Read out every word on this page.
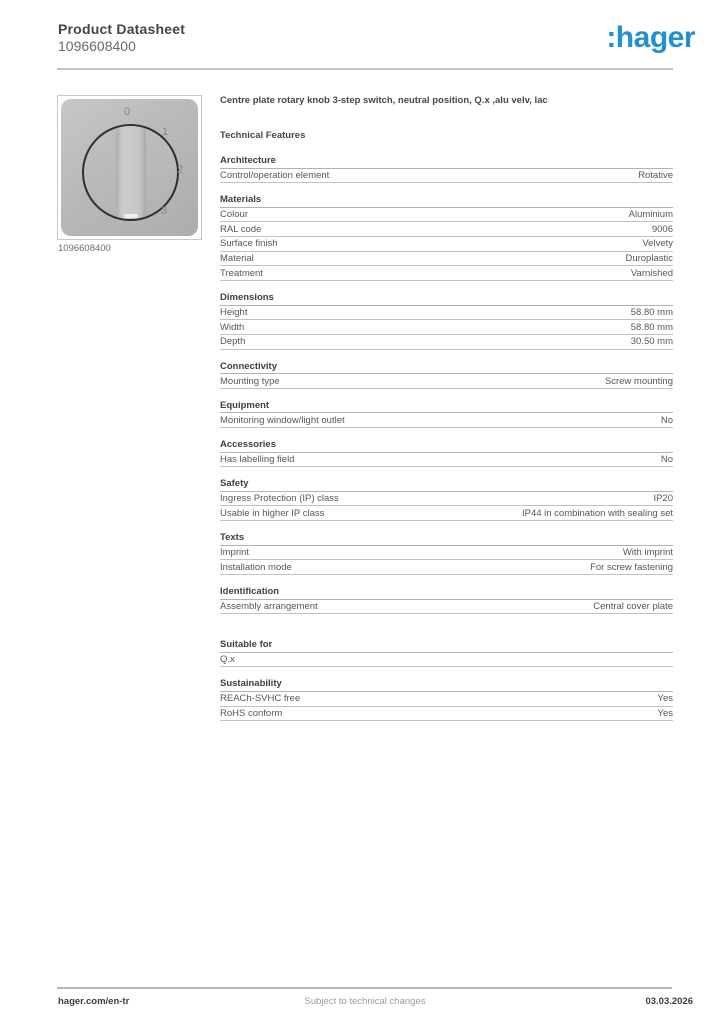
Product Datasheet
1096608400	:hager
0
1
2
3
1096608400
Centre plate rotary knob 3-step switch, neutral position, Q.x ,alu velv, lac
Technical Features
Architecture
Control/operation element	Rotative
Materials
Colour	Aluminium
RAL code	9006
Surface finish	Velvety
Material	Duroplastic
Treatment	Varnished
Dimensions
Height	58.80 mm
Width	58.80 mm
Depth	30.50 mm
Connectivity
Mounting type	Screw mounting
Equipment
Monitoring window/light outlet	No
Accessories
Has labelling field	No
Safety
Ingress Protection (IP) class	IP20
Usable in higher IP class	IP44 in combination with sealing set
Texts
Imprint	With imprint
Installation mode	For screw fastening
Identification
Assembly arrangement	Central cover plate
Suitable for
Q.x
Sustainability
REACh-SVHC free	Yes
RoHS conform	Yes
hager.com/en-tr	Subject to technical changes	03.03.2026
